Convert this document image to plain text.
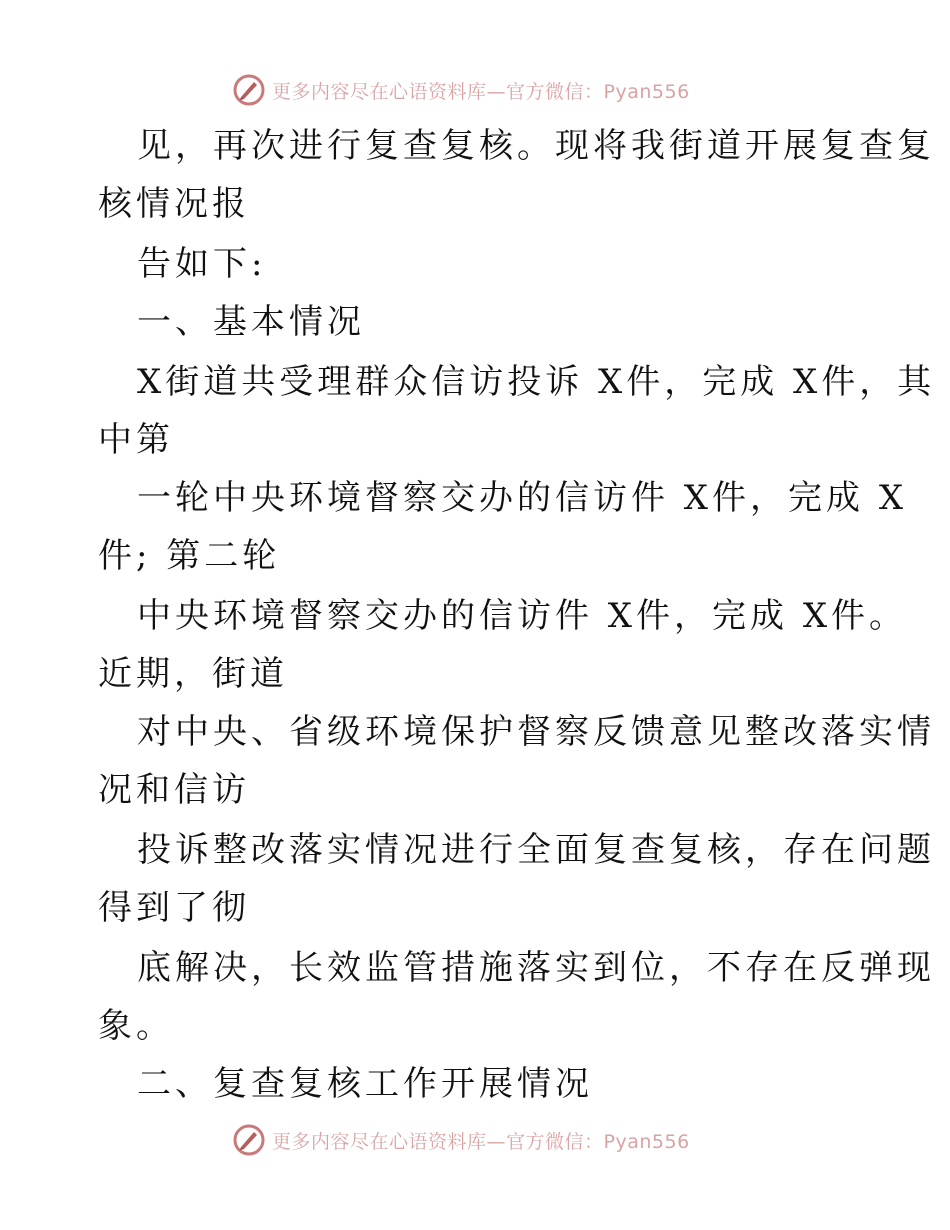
更多内容尽在心语资料库—官方微信：Pyan556
见，再次进行复查复核。现将我街道开展复查复
核情况报
告如下:
一、基本情况
X街道共受理群众信访投诉 X件，完成 X件，其
中第
一轮中央环境督察交办的信访件 X件，完成 X
件; 第二轮
中央环境督察交办的信访件 X件，完成 X件。
近期，街道
对中央、省级环境保护督察反馈意见整改落实情
况和信访
投诉整改落实情况进行全面复查复核，存在问题
得到了彻
底解决，长效监管措施落实到位，不存在反弹现
象。
二、复查复核工作开展情况
更多内容尽在心语资料库—官方微信：Pyan556
